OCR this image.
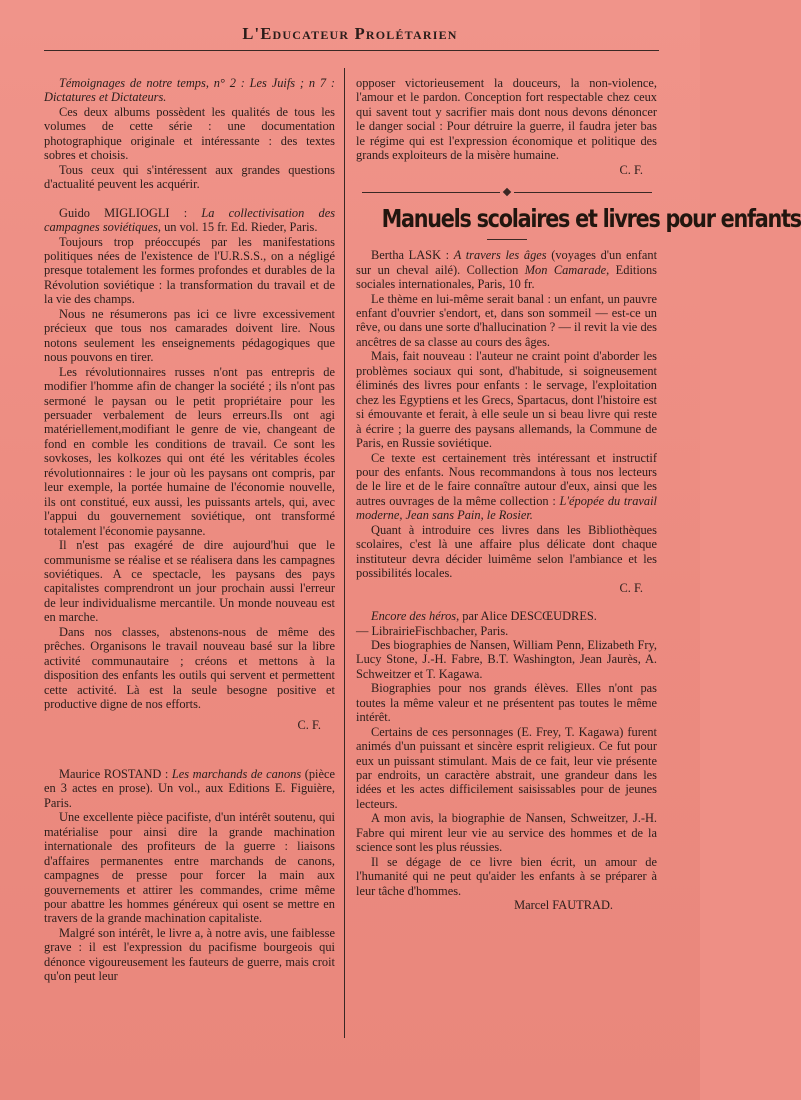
L'Educateur Prolétarien

Témoignages de notre temps, n° 2 : Les Juifs ; n 7 : Dictatures et Dictateurs.

Ces deux albums possèdent les qualités de tous les volumes de cette série : une documentation photographique originale et intéressante : des textes sobres et choisis.

Tous ceux qui s'intéressent aux grandes questions d'actualité peuvent les acquérir.

Guido MIGLIOGLI : La collectivisation des campagnes soviétiques, un vol. 15 fr. Ed. Rieder, Paris.

Toujours trop préoccupés par les manifestations politiques nées de l'existence de l'U.R.S.S., on a négligé presque totalement les formes profondes et durables de la Révolution soviétique : la transformation du travail et de la vie des champs.

Nous ne résumerons pas ici ce livre excessivement précieux que tous nos camarades doivent lire. Nous notons seulement les enseignements pédagogiques que nous pouvons en tirer.

Les révolutionnaires russes n'ont pas entrepris de modifier l'homme afin de changer la société ; ils n'ont pas sermoné le paysan ou le petit propriétaire pour les persuader verbalement de leurs erreurs.Ils ont agi matériellement,modifiant le genre de vie, changeant de fond en comble les conditions de travail. Ce sont les sovkoses, les kolkozes qui ont été les véritables écoles révolutionnaires : le jour où les paysans ont compris, par leur exemple, la portée humaine de l'économie nouvelle, ils ont constitué, eux aussi, les puissants artels, qui, avec l'appui du gouvernement soviétique, ont transformé totalement l'économie paysanne.

Il n'est pas exagéré de dire aujourd'hui que le communisme se réalise et se réalisera dans les campagnes soviétiques. A ce spectacle, les paysans des pays capitalistes comprendront un jour prochain aussi l'erreur de leur individualisme mercantile. Un monde nouveau est en marche.

Dans nos classes, abstenons-nous de même des prêches. Organisons le travail nouveau basé sur la libre activité communautaire ; créons et mettons à la disposition des enfants les outils qui servent et permettent cette activité. Là est la seule besogne positive et productive digne de nos efforts.

C. F.

Maurice ROSTAND : Les marchands de canons (pièce en 3 actes en prose). Un vol., aux Editions E. Figuière, Paris.

Une excellente pièce pacifiste, d'un intérêt soutenu, qui matérialise pour ainsi dire la grande machination internationale des profiteurs de la guerre : liaisons d'affaires permanentes entre marchands de canons, campagnes de presse pour forcer la main aux gouvernements et attirer les commandes, crime même pour abattre les hommes généreux qui osent se mettre en travers de la grande machination capitaliste.

Malgré son intérêt, le livre a, à notre avis, une faiblesse grave : il est l'expression du pacifisme bourgeois qui dénonce vigoureusement les fauteurs de guerre, mais croit qu'on peut leur

opposer victorieusement la douceurs, la non-violence, l'amour et le pardon. Conception fort respectable chez ceux qui savent tout y sacrifier mais dont nous devons dénoncer le danger social : Pour détruire la guerre, il faudra jeter bas le régime qui est l'expression économique et politique des grands exploiteurs de la misère humaine.

C. F.

Manuels scolaires et livres pour enfants

Bertha LASK : A travers les âges (voyages d'un enfant sur un cheval ailé). Collection Mon Camarade, Editions sociales internationales, Paris, 10 fr.

Le thème en lui-même serait banal : un enfant, un pauvre enfant d'ouvrier s'endort, et, dans son sommeil — est-ce un rêve, ou dans une sorte d'hallucination ? — il revit la vie des ancêtres de sa classe au cours des âges.

Mais, fait nouveau : l'auteur ne craint point d'aborder les problèmes sociaux qui sont, d'habitude, si soigneusement éliminés des livres pour enfants : le servage, l'exploitation chez les Egyptiens et les Grecs, Spartacus, dont l'histoire est si émouvante et ferait, à elle seule un si beau livre qui reste à écrire ; la guerre des paysans allemands, la Commune de Paris, en Russie soviétique.

Ce texte est certainement très intéressant et instructif pour des enfants. Nous recommandons à tous nos lecteurs de le lire et de le faire connaître autour d'eux, ainsi que les autres ouvrages de la même collection : L'épopée du travail moderne, Jean sans Pain, le Rosier.

Quant à introduire ces livres dans les Bibliothèques scolaires, c'est là une affaire plus délicate dont chaque instituteur devra décider luimême selon l'ambiance et les possibilités locales.

C. F.

Encore des héros, par Alice DESCŒUDRES.

— LibrairieFischbacher, Paris.

Des biographies de Nansen, William Penn, Elizabeth Fry, Lucy Stone, J.-H. Fabre, B.T. Washington, Jean Jaurès, A. Schweitzer et T. Kagawa.

Biographies pour nos grands élèves. Elles n'ont pas toutes la même valeur et ne présentent pas toutes le même intérêt.

Certains de ces personnages (E. Frey, T. Kagawa) furent animés d'un puissant et sincère esprit religieux. Ce fut pour eux un puissant stimulant. Mais de ce fait, leur vie présente par endroits, un caractère abstrait, une grandeur dans les idées et les actes difficilement saisissables pour de jeunes lecteurs.

A mon avis, la biographie de Nansen, Schweitzer, J.-H. Fabre qui mirent leur vie au service des hommes et de la science sont les plus réussies.

Il se dégage de ce livre bien écrit, un amour de l'humanité qui ne peut qu'aider les enfants à se préparer à leur tâche d'hommes.

Marcel FAUTRAD.
